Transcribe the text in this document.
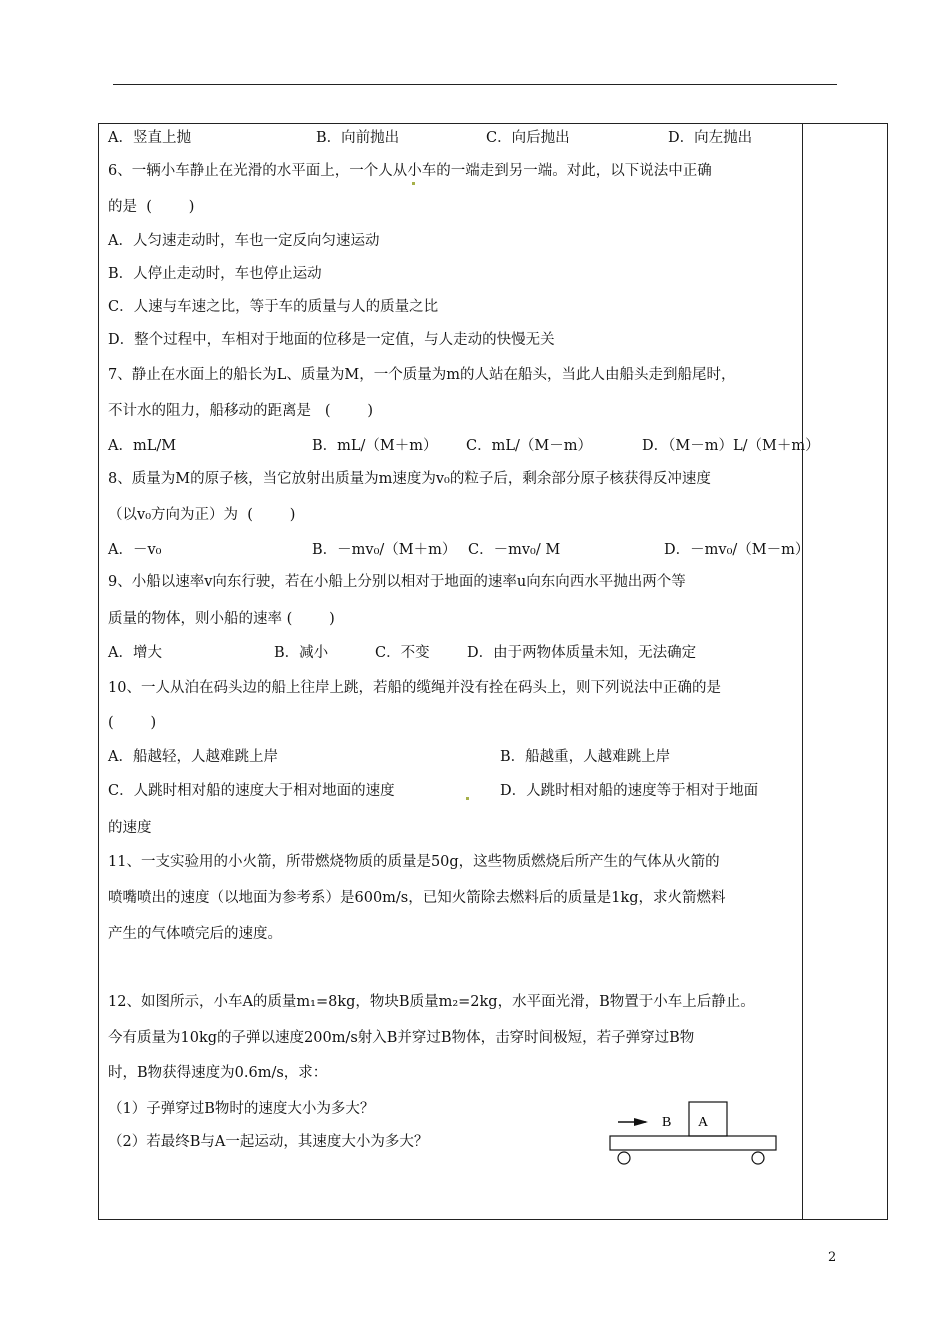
A．竖直上抛	B．向前抛出	C．向后抛出	D．向左抛出
6、一辆小车静止在光滑的水平面上，一个人从小车的一端走到另一端。对此，以下说法中正确
的是  (        )
A．人匀速走动时，车也一定反向匀速运动
B．人停止走动时，车也停止运动
C．人速与车速之比，等于车的质量与人的质量之比
D．整个过程中，车相对于地面的位移是一定值，与人走动的快慢无关
7、静止在水面上的船长为L、质量为M，一个质量为m的人站在船头，当此人由船头走到船尾时，
不计水的阻力，船移动的距离是   (        )
A．mL/M	B．mL/（M＋m） C．mL/（M－m）	D．（M－m）L/（M＋m）
8、质量为M的原子核，当它放射出质量为m速度为v₀的粒子后，剩余部分原子核获得反冲速度
（以v₀方向为正）为  (        )
A．－v₀	B．－mv₀/（M＋m） C．－mv₀/ M	D．－mv₀/（M－m）
9、小船以速率v向东行驶，若在小船上分别以相对于地面的速率u向东向西水平抛出两个等
质量的物体，则小船的速率 (        )
A．增大	B．减小	C．不变	D．由于两物体质量未知，无法确定
10、一人从泊在码头边的船上往岸上跳，若船的缆绳并没有拴在码头上，则下列说法中正确的是
(        )
A．船越轻，人越难跳上岸	B．船越重，人越难跳上岸
C．人跳时相对船的速度大于相对地面的速度	D．人跳时相对船的速度等于相对于地面
的速度
11、一支实验用的小火箭，所带燃烧物质的质量是50g，这些物质燃烧后所产生的气体从火箭的
喷嘴喷出的速度（以地面为参考系）是600m/s，已知火箭除去燃料后的质量是1kg，求火箭燃料
产生的气体喷完后的速度。
12、如图所示，小车A的质量m₁=8kg，物块B质量m₂=2kg，水平面光滑，B物置于小车上后静止。
今有质量为10kg的子弹以速度200m/s射入B并穿过B物体，击穿时间极短，若子弹穿过B物
时，B物获得速度为0.6m/s，求：
（1）子弹穿过B物时的速度大小为多大？
（2）若最终B与A一起运动，其速度大小为多大？
B A
2
